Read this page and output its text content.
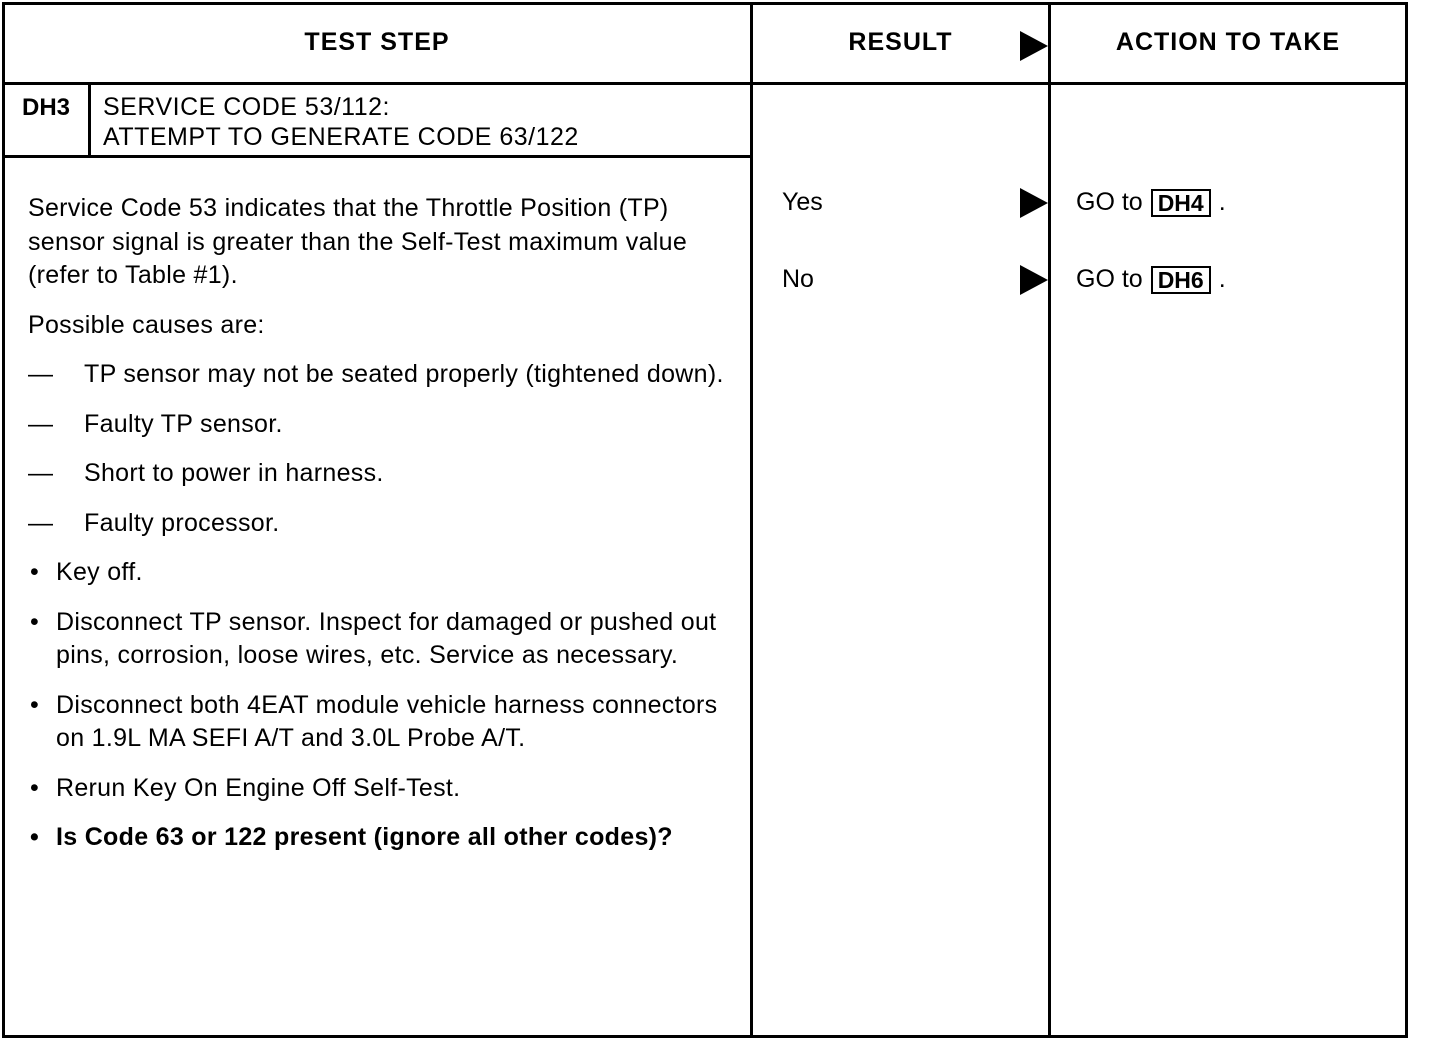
TEST STEP	RESULT	ACTION TO TAKE
DH3	SERVICE CODE 53/112:
ATTEMPT TO GENERATE CODE 63/122

Service Code 53 indicates that the Throttle Position (TP) sensor signal is greater than the Self-Test maximum value (refer to Table #1).

Possible causes are:

—	TP sensor may not be seated properly (tightened down).
—	Faulty TP sensor.
—	Short to power in harness.
—	Faulty processor.
• Key off.
• Disconnect TP sensor. Inspect for damaged or pushed out pins, corrosion, loose wires, etc. Service as necessary.
• Disconnect both 4EAT module vehicle harness connectors on 1.9L MA SEFI A/T and 3.0L Probe A/T.
• Rerun Key On Engine Off Self-Test.
• Is Code 63 or 122 present (ignore all other codes)?
Yes	GO to DH4 .
No	GO to DH6 .
